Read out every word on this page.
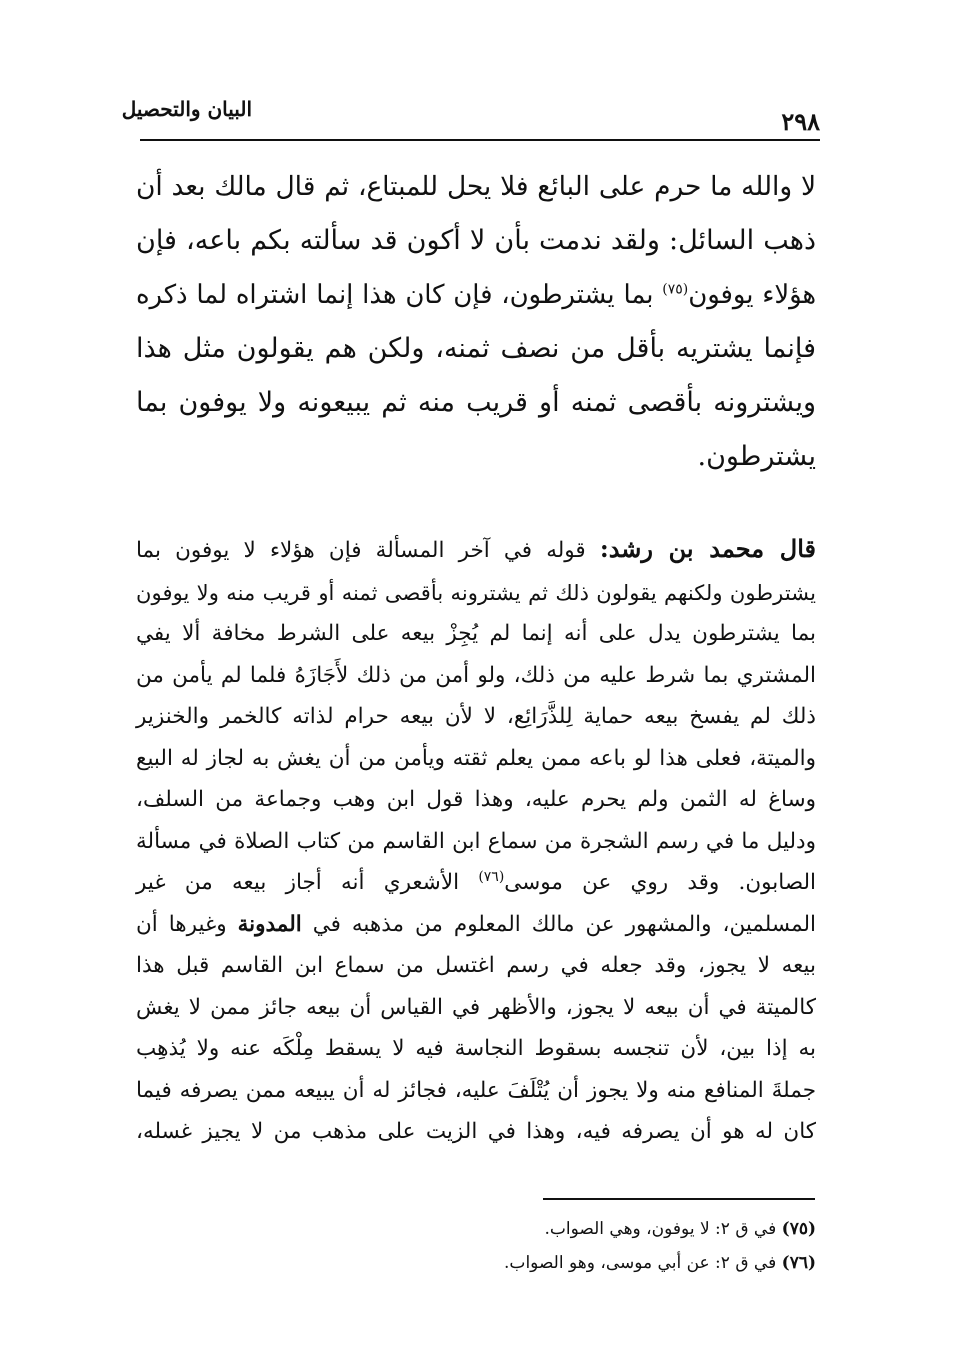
البيان والتحصيل	٢٩٨

لا والله ما حرم على البائع فلا يحل للمبتاع، ثم قال مالك بعد أن
ذهب السائل: ولقد ندمت بأن لا أكون قد سألته بكم باعه، فإن
هؤلاء يوفون$^{(٧٥)}$ بما يشترطون، فإن كان هذا إنما اشتراه لما ذكره
فإنما يشتريه بأقل من نصف ثمنه، ولكن هم يقولون مثل هذا
ويشترونه بأقصى ثمنه أو قريب منه ثم يبيعونه ولا يوفون بما
يشترطون.

قال محمد بن رشد: قوله في آخر المسألة فإن هؤلاء لا يوفون بما
يشترطون ولكنهم يقولون ذلك ثم يشترونه بأقصى ثمنه أو قريب منه ولا يوفون
بما يشترطون يدل على أنه إنما لم يُجِزْ بيعه على الشرط مخافة ألا يفي
المشتري بما شرط عليه من ذلك، ولو أمن من ذلك لأَجَازَهُ فلما لم يأمن من
ذلك لم يفسخ بيعه حماية لِلذَّرَائِع، لا لأن بيعه حرام لذاته كالخمر والخنزير
والميتة، فعلى هذا لو باعه ممن يعلم ثقته ويأمن من أن يغش به لجاز له البيع
وساغ له الثمن ولم يحرم عليه، وهذا قول ابن وهب وجماعة من السلف،
ودليل ما في رسم الشجرة من سماع ابن القاسم من كتاب الصلاة في مسألة
الصابون. وقد روي عن موسى$^{(٧٦)}$ الأشعري أنه أجاز بيعه من غير
المسلمين، والمشهور عن مالك المعلوم من مذهبه في المدونة وغيرها أن
بيعه لا يجوز، وقد جعله في رسم اغتسل من سماع ابن القاسم قبل هذا
كالميتة في أن بيعه لا يجوز، والأظهر في القياس أن بيعه جائز ممن لا يغش
به إذا بين، لأن تنجسه بسقوط النجاسة فيه لا يسقط مِلْكَه عنه ولا يُذهِب
جملةَ المنافع منه ولا يجوز أن يُتْلَفَ عليه، فجائز له أن يبيعه ممن يصرفه فيما
كان له هو أن يصرفه فيه، وهذا في الزيت على مذهب من لا يجيز غسله،

(٧٥) في ق ٢: لا يوفون، وهي الصواب.
(٧٦) في ق ٢: عن أبي موسى، وهو الصواب.
